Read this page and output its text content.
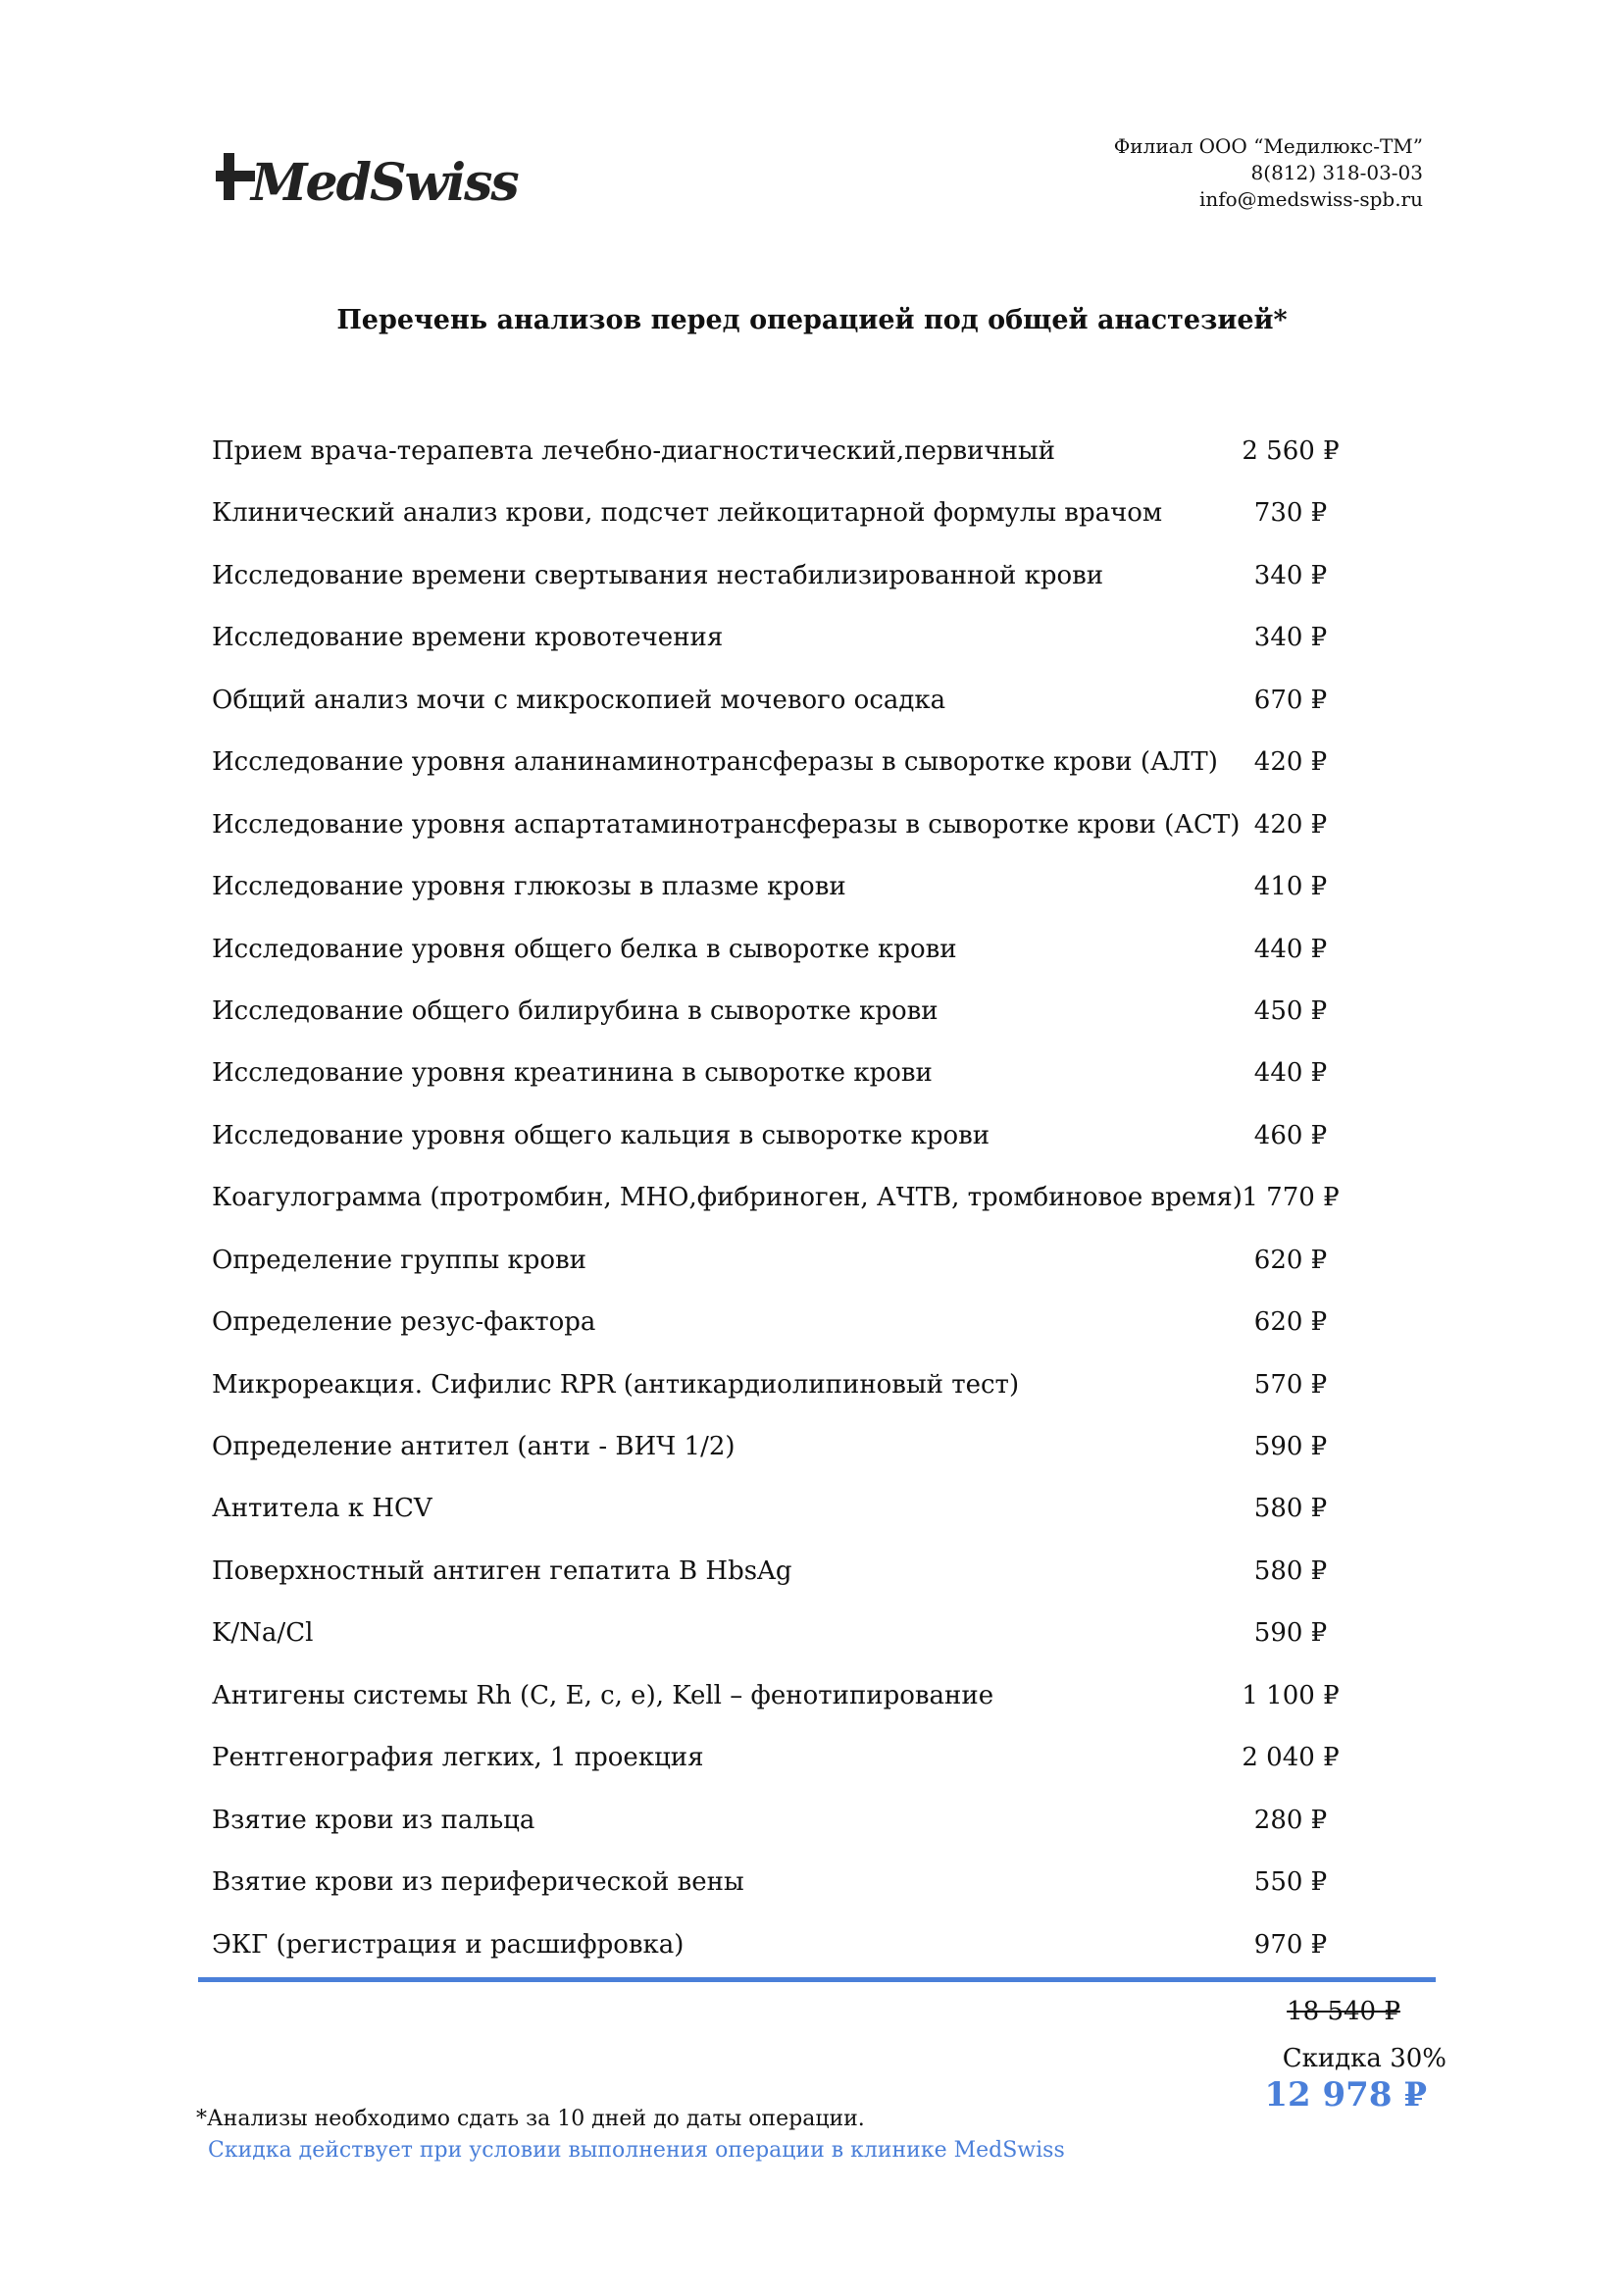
MedSwiss
Филиал ООО “Медилюкс-ТМ”
8(812) 318-03-03
info@medswiss-spb.ru
Перечень анализов перед операцией под общей анастезией*
Прием врача-терапевта лечебно-диагностический,первичный	2 560 ₽
Клинический анализ крови, подсчет лейкоцитарной формулы врачом	730 ₽
Исследование времени свертывания нестабилизированной крови	340 ₽
Исследование времени кровотечения	340 ₽
Общий анализ мочи с микроскопией мочевого осадка	670 ₽
Исследование уровня аланинаминотрансферазы в сыворотке крови (АЛТ)	420 ₽
Исследование уровня аспартатаминотрансферазы в сыворотке крови (АСТ) 420 ₽
Исследование уровня глюкозы в плазме крови	410 ₽
Исследование уровня общего белка в сыворотке крови	440 ₽
Исследование общего билирубина в сыворотке крови	450 ₽
Исследование уровня креатинина в сыворотке крови	440 ₽
Исследование уровня общего кальция в сыворотке крови	460 ₽
Коагулограмма (протромбин, МНО,фибриноген, АЧТВ, тромбиновое время) 1 770 ₽
Определение группы крови	620 ₽
Определение резус-фактора	620 ₽
Микрореакция. Сифилис RPR (антикардиолипиновый тест)	570 ₽
Определение антител (анти - ВИЧ 1/2)	590 ₽
Антитела к HCV	580 ₽
Поверхностный антиген гепатита В HbsAg	580 ₽
K/Na/Cl	590 ₽
Антигены системы Rh (С, Е, с, е), Kell – фенотипирование	1 100 ₽
Рентгенография легких, 1 проекция	2 040 ₽
Взятие крови из пальца	280 ₽
Взятие крови из периферической вены	550 ₽
ЭКГ (регистрация и расшифровка)	970 ₽
18 540 ₽
Скидка 30%
12 978 ₽
*Анализы необходимо сдать за 10 дней до даты операции.
Скидка действует при условии выполнения операции в клинике MedSwiss
